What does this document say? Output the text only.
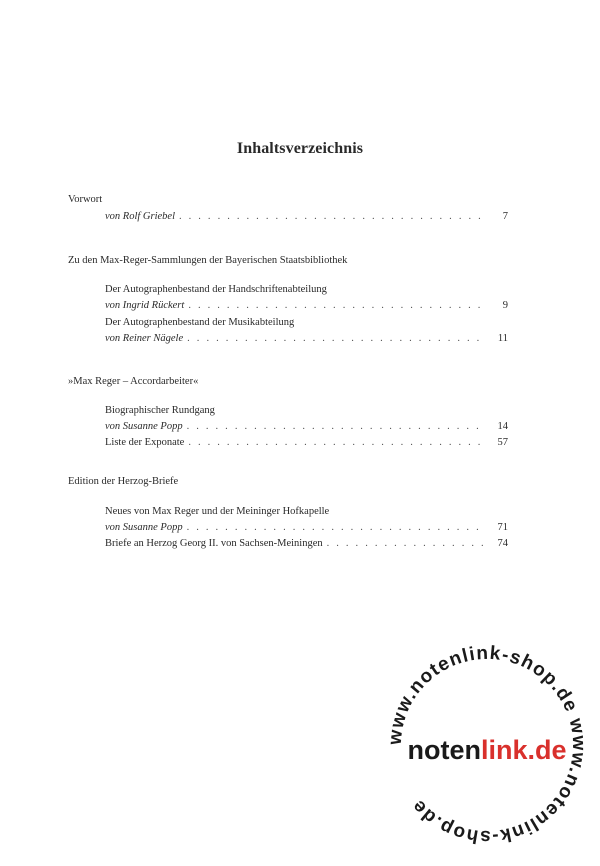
Inhaltsverzeichnis
Vorwort
von Rolf Griebel . . .	7
Zu den Max-Reger-Sammlungen der Bayerischen Staatsbibliothek
Der Autographenbestand der Handschriftenabteilung
von Ingrid Rückert . . .	9
Der Autographenbestand der Musikabteilung
von Reiner Nägele . . .	11
»Max Reger – Accordarbeiter«
Biographischer Rundgang
von Susanne Popp . . .	14
Liste der Exponate . . .	57
Edition der Herzog-Briefe
Neues von Max Reger und der Meininger Hofkapelle
von Susanne Popp . . .	71
Briefe an Herzog Georg II. von Sachsen-Meiningen . . .	74
www.notenlink-shop.de www.notenlink-shop.de
notenlink.de
